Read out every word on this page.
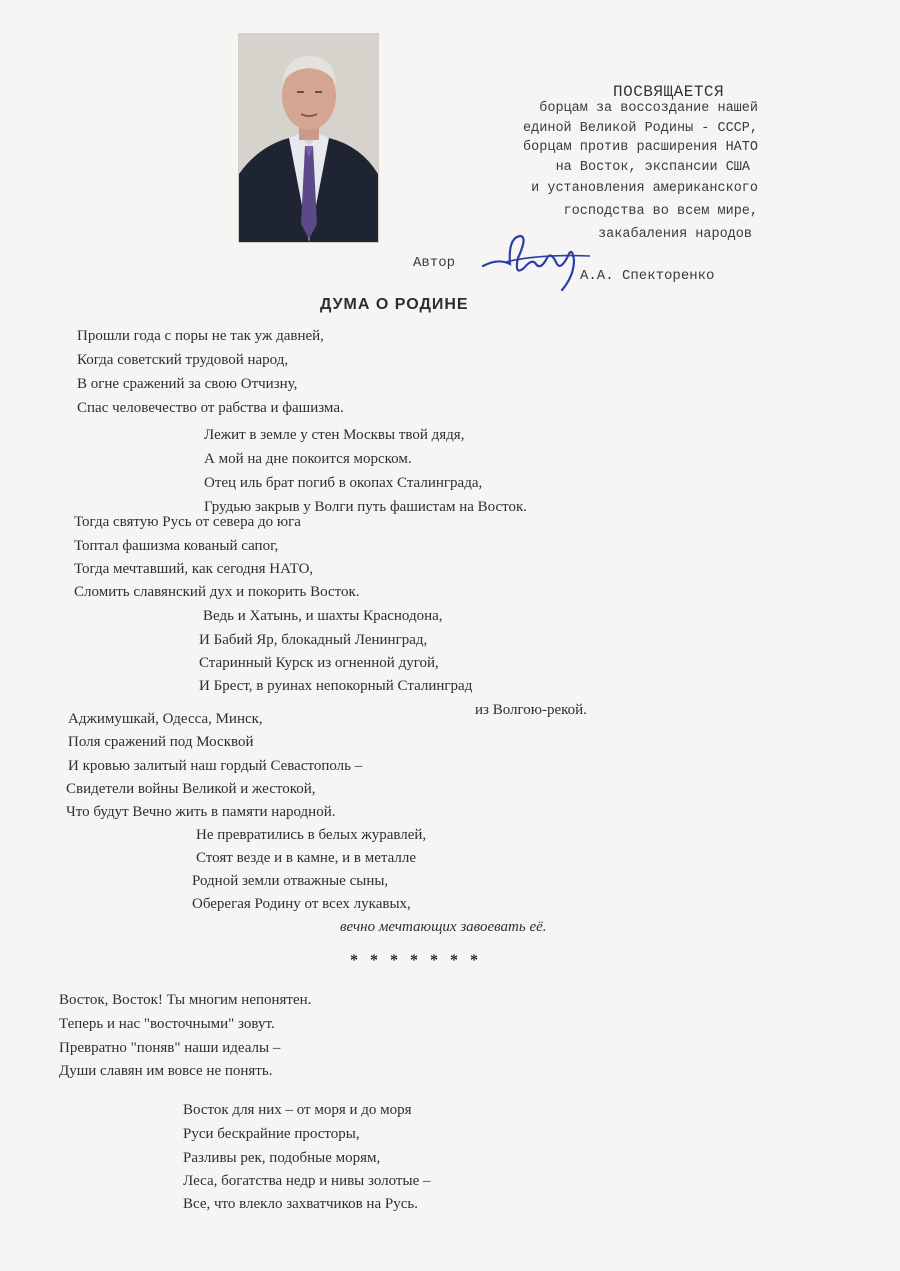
ПОСВЯЩАЕТСЯ
борцам за воссоздание нашей
единой Великой Родины - СССР,
борцам против расширения НАТО
на Восток, экспансии США
и установления американского
господства во всем мире,
закабаления народов
Автор
А.А. Спекторенко
ДУМА О РОДИНЕ
Прошли года с поры не так уж давней,
Когда советский трудовой народ,
В огне сражений за свою Отчизну,
Спас человечество от рабства и фашизма.
Лежит в земле у стен Москвы твой дядя,
А мой на дне покоится морском.
Отец иль брат погиб в окопах Сталинграда,
Грудью закрыв у Волги путь фашистам на Восток.
Тогда святую Русь от севера до юга
Топтал фашизма кованый сапог,
Тогда мечтавший, как сегодня НАТО,
Сломить славянский дух и покорить Восток.
Ведь и Хатынь, и шахты Краснодона,
И Бабий Яр, блокадный Ленинград,
Старинный Курск из огненной дугой,
И Брест, в руинах непокорный Сталинград
из Волгою-рекой.
Аджимушкай, Одесса, Минск,
Поля сражений под Москвой
И кровью залитый наш гордый Севастополь –
Свидетели войны Великой и жестокой,
Что будут Вечно жить в памяти народной.
Не превратились в белых журавлей,
Стоят везде и в камне, и в металле
Родной земли отважные сыны,
Оберегая Родину от всех лукавых,
вечно мечтающих завоевать её.
* * * * * * *
Восток, Восток! Ты многим непонятен.
Теперь и нас "восточными" зовут.
Превратно "поняв" наши идеалы –
Души славян им вовсе не понять.
Восток для них – от моря и до моря
Руси бескрайние просторы,
Разливы рек, подобные морям,
Леса, богатства недр и нивы золотые –
Все, что влекло захватчиков на Русь.
